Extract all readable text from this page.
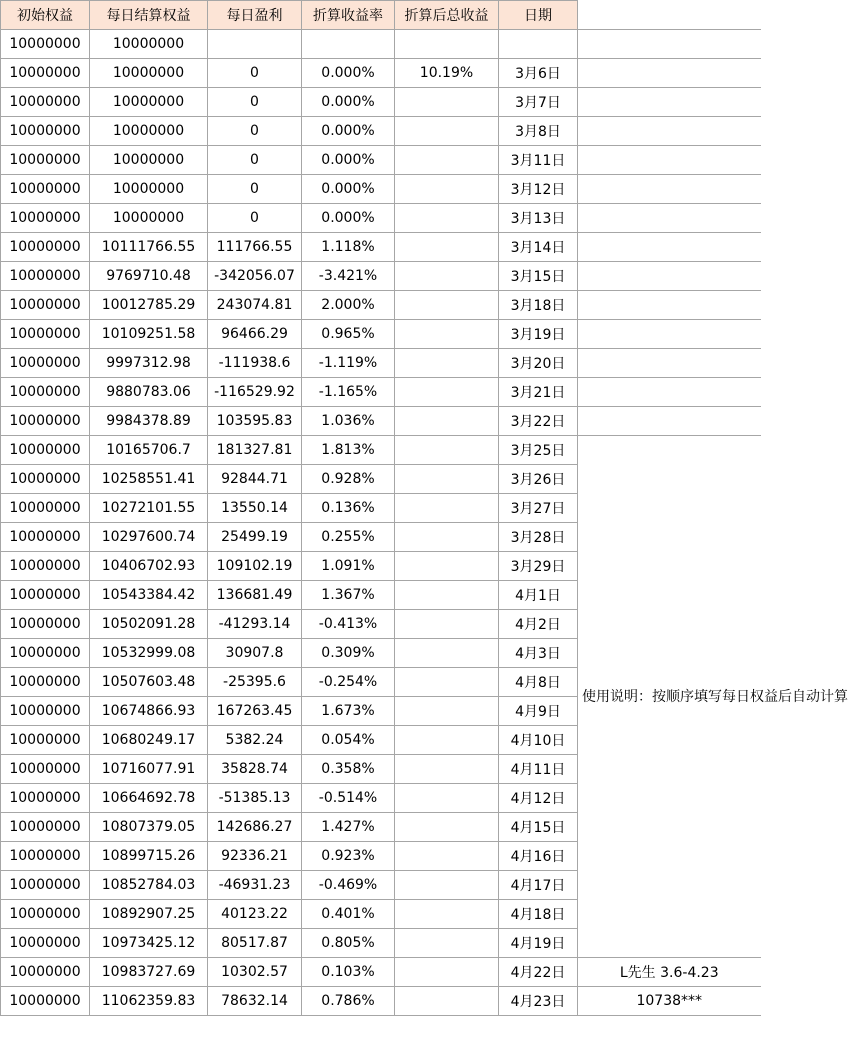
初始权益	每日结算权益	每日盈利	折算收益率	折算后总收益	日期	
10000000	10000000					
10000000	10000000	0	0.000%	10.19%	3月6日	
10000000	10000000	0	0.000%		3月7日	
10000000	10000000	0	0.000%		3月8日	
10000000	10000000	0	0.000%		3月11日	
10000000	10000000	0	0.000%		3月12日	
10000000	10000000	0	0.000%		3月13日	
10000000	10111766.55	111766.55	1.118%		3月14日	
10000000	9769710.48	-342056.07	-3.421%		3月15日	
10000000	10012785.29	243074.81	2.000%		3月18日	
10000000	10109251.58	96466.29	0.965%		3月19日	
10000000	9997312.98	-111938.6	-1.119%		3月20日	
10000000	9880783.06	-116529.92	-1.165%		3月21日	
10000000	9984378.89	103595.83	1.036%		3月22日	
10000000	10165706.7	181327.81	1.813%		3月25日	使用说明：按顺序填写每日权益后自动计算
10000000	10258551.41	92844.71	0.928%		3月26日	
10000000	10272101.55	13550.14	0.136%		3月27日	
10000000	10297600.74	25499.19	0.255%		3月28日	
10000000	10406702.93	109102.19	1.091%		3月29日	
10000000	10543384.42	136681.49	1.367%		4月1日	
10000000	10502091.28	-41293.14	-0.413%		4月2日	
10000000	10532999.08	30907.8	0.309%		4月3日	
10000000	10507603.48	-25395.6	-0.254%		4月8日	
10000000	10674866.93	167263.45	1.673%		4月9日	
10000000	10680249.17	5382.24	0.054%		4月10日	
10000000	10716077.91	35828.74	0.358%		4月11日	
10000000	10664692.78	-51385.13	-0.514%		4月12日	
10000000	10807379.05	142686.27	1.427%		4月15日	
10000000	10899715.26	92336.21	0.923%		4月16日	
10000000	10852784.03	-46931.23	-0.469%		4月17日	
10000000	10892907.25	40123.22	0.401%		4月18日	
10000000	10973425.12	80517.87	0.805%		4月19日	
10000000	10983727.69	10302.57	0.103%		4月22日	L先生 3.6-4.23
10000000	11062359.83	78632.14	0.786%		4月23日	10738***
